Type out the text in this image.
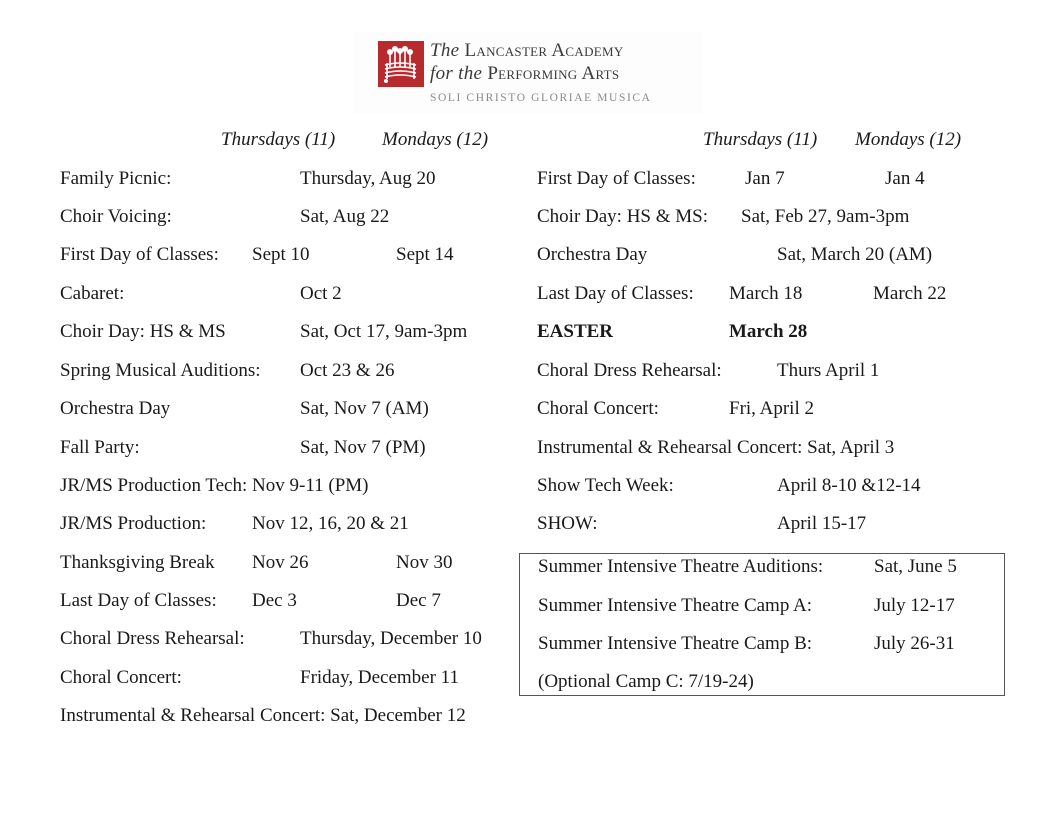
The Lancaster Academy
for the Performing Arts
SOLI CHRISTO GLORIAE MUSICA
Thursdays (11) Mondays (12)
Family Picnic:	Thursday, Aug 20
Choir Voicing:	Sat, Aug 22
First Day of Classes: Sept 10	Sept 14
Cabaret:	Oct 2
Choir Day: HS & MS	Sat, Oct 17, 9am-3pm
Spring Musical Auditions: Oct 23 & 26
Orchestra Day	Sat, Nov 7 (AM)
Fall Party:	Sat, Nov 7 (PM)
JR/MS Production Tech: Nov 9-11 (PM)
JR/MS Production: Nov 12, 16, 20 & 21
Thanksgiving Break Nov 26	Nov 30
Last Day of Classes: Dec 3	Dec 7
Choral Dress Rehearsal:	Thursday, December 10
Choral Concert:	Friday, December 11
Instrumental & Rehearsal Concert: Sat, December 12
Thursdays (11) Mondays (12)
First Day of Classes:	Jan 7	Jan 4
Choir Day: HS & MS: Sat, Feb 27, 9am-3pm
Orchestra Day	Sat, March 20 (AM)
Last Day of Classes: March 18	March 22
EASTER	March 28
Choral Dress Rehearsal:	Thurs April 1
Choral Concert:	Fri, April 2
Instrumental & Rehearsal Concert: Sat, April 3
Show Tech Week:	April 8-10 &12-14
SHOW:	April 15-17
Summer Intensive Theatre Auditions:	Sat, June 5
Summer Intensive Theatre Camp A:	July 12-17
Summer Intensive Theatre Camp B:	July 26-31
(Optional Camp C: 7/19-24)
